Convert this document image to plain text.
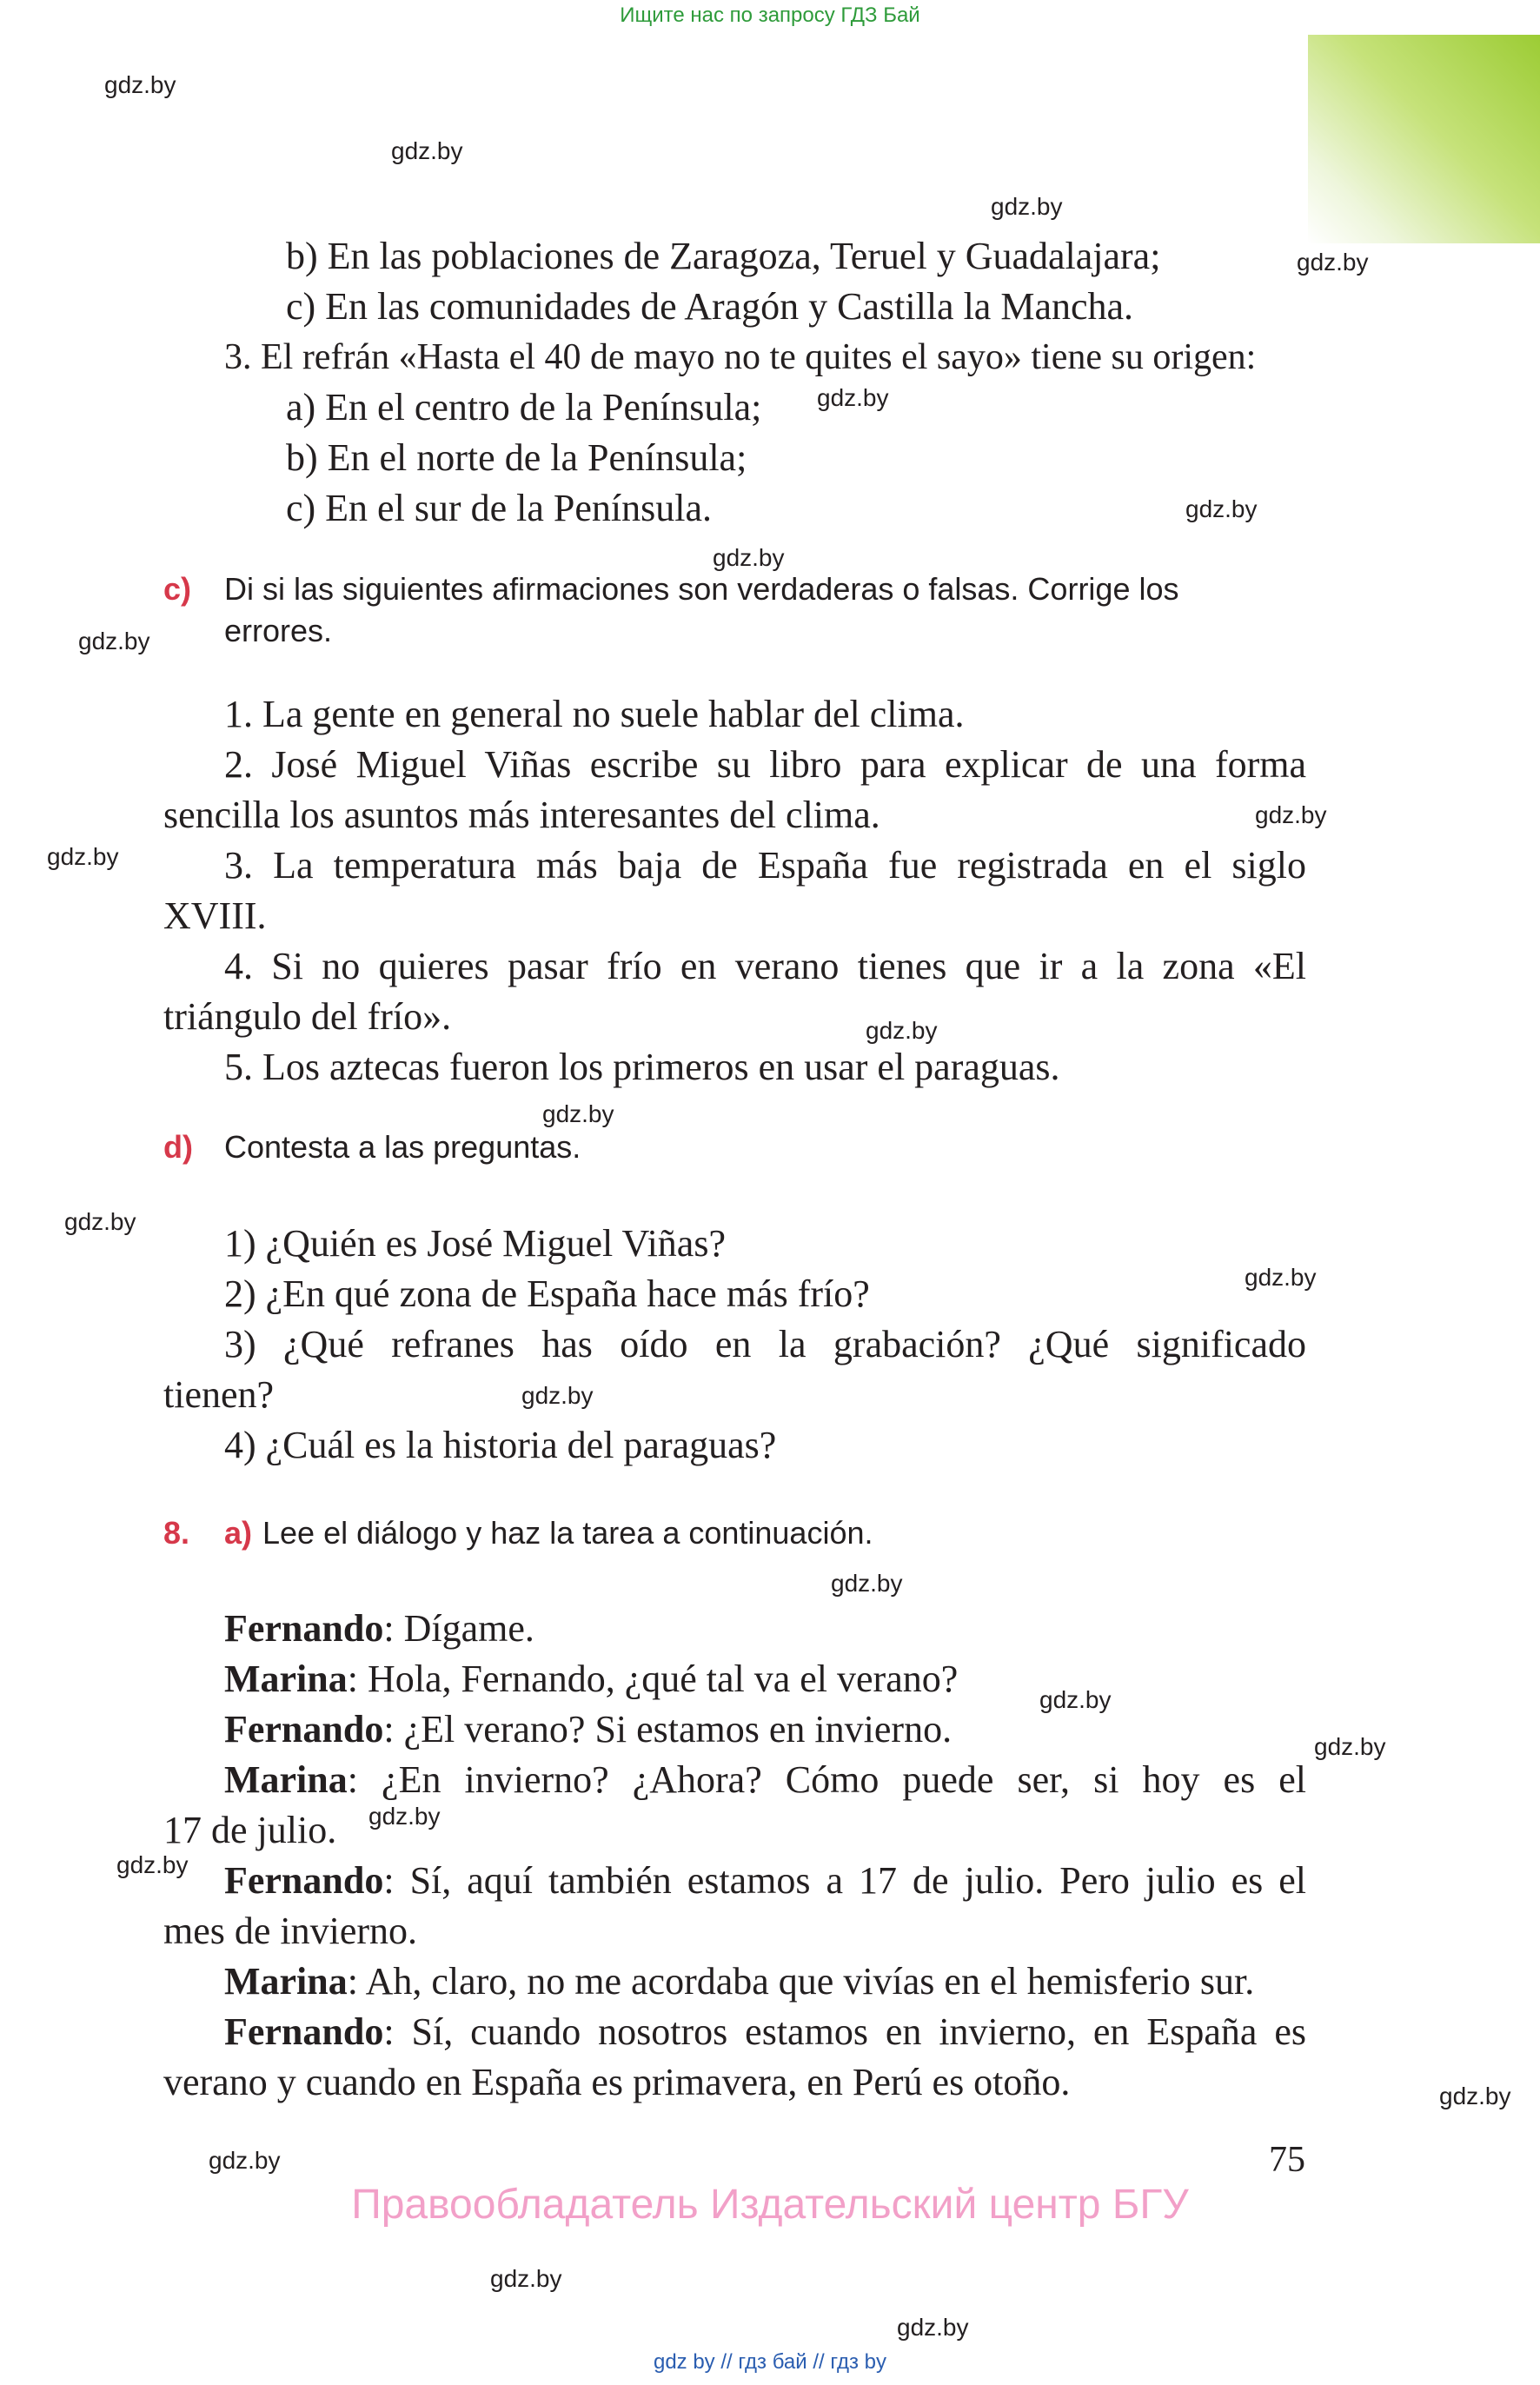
Ищите нас по запросу ГДЗ Бай
b) En las poblaciones de Zaragoza, Teruel y Guadalajara;
c) En las comunidades de Aragón y Castilla la Mancha.
3. El refrán «Hasta el 40 de mayo no te quites el sayo» tiene su origen:
a) En el centro de la Península;
b) En el norte de la Península;
c) En el sur de la Península.
c) Di si las siguientes afirmaciones son verdaderas o falsas. Corrige los
errores.
1. La gente en general no suele hablar del clima.
2. José Miguel Viñas escribe su libro para explicar de una forma
sencilla los asuntos más interesantes del clima.
3. La temperatura más baja de España fue registrada en el siglo
XVIII.
4. Si no quieres pasar frío en verano tienes que ir a la zona «El
triángulo del frío».
5. Los aztecas fueron los primeros en usar el paraguas.
d) Contesta a las preguntas.
1) ¿Quién es José Miguel Viñas?
2) ¿En qué zona de España hace más frío?
3) ¿Qué refranes has oído en la grabación? ¿Qué significado
tienen?
4) ¿Cuál es la historia del paraguas?
8. a) Lee el diálogo y haz la tarea a continuación.
Fernando: Dígame.
Marina: Hola, Fernando, ¿qué tal va el verano?
Fernando: ¿El verano? Si estamos en invierno.
Marina: ¿En invierno? ¿Ahora? Cómo puede ser, si hoy es el
17 de julio.
Fernando: Sí, aquí también estamos a 17 de julio. Pero julio es el
mes de invierno.
Marina: Ah, claro, no me acordaba que vivías en el hemisferio sur.
Fernando: Sí, cuando nosotros estamos en invierno, en España es
verano y cuando en España es primavera, en Perú es otoño.
75
Правообладатель Издательский центр БГУ
gdz by // гдз бай // гдз by
gdz.by
gdz.by
gdz.by
gdz.by
gdz.by
gdz.by
gdz.by
gdz.by
gdz.by
gdz.by
gdz.by
gdz.by
gdz.by
gdz.by
gdz.by
gdz.by
gdz.by
gdz.by
gdz.by
gdz.by
gdz.by
gdz.by
gdz.by
gdz.by
